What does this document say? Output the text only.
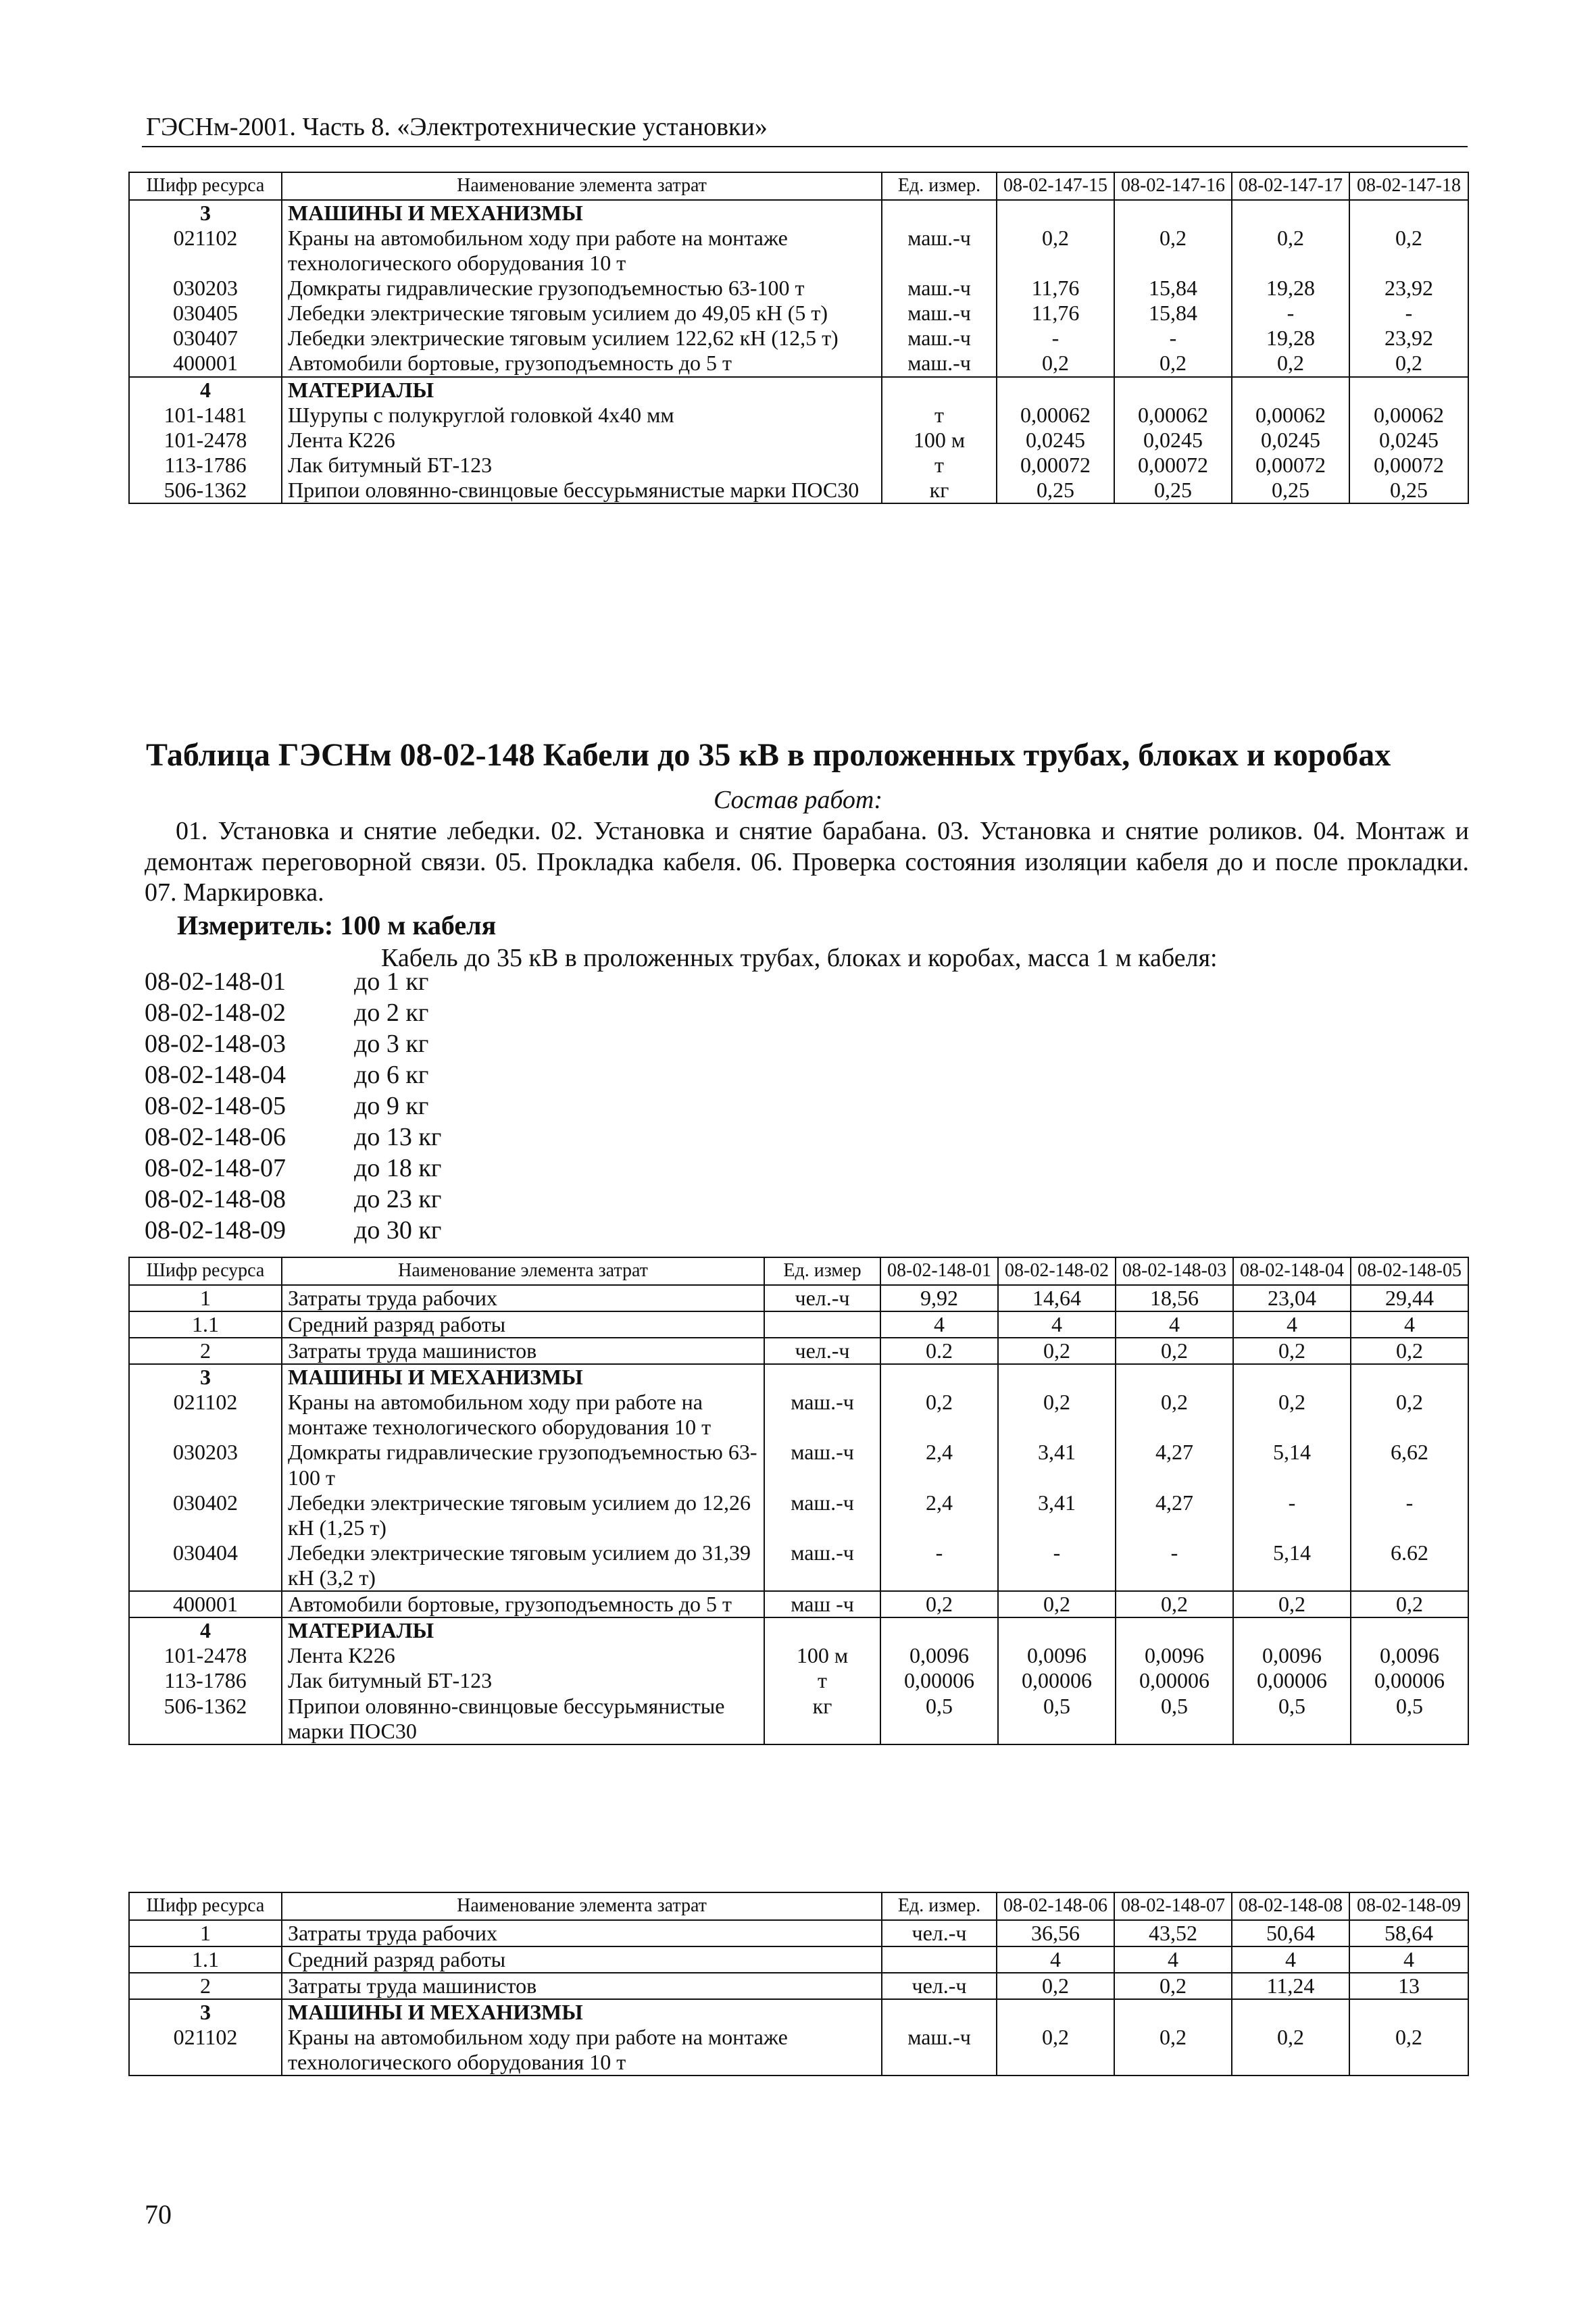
ГЭСНм-2001. Часть 8. «Электротехнические установки»
Шифр ресурса	Наименование элемента затрат	Ед. измер.	08-02-147-15	08-02-147-16	08-02-147-17	08-02-147-18
3	МАШИНЫ И МЕХАНИЗМЫ					
021102	Краны на автомобильном ходу при работе на монтаже технологического оборудования 10 т	маш.-ч	0,2	0,2	0,2	0,2
030203	Домкраты гидравлические грузоподъемностью 63-100 т	маш.-ч	11,76	15,84	19,28	23,92
030405	Лебедки электрические тяговым усилием до 49,05 кН (5 т)	маш.-ч	11,76	15,84	-	-
030407	Лебедки электрические тяговым усилием 122,62 кН (12,5 т)	маш.-ч	-	-	19,28	23,92
400001	Автомобили бортовые, грузоподъемность до 5 т	маш.-ч	0,2	0,2	0,2	0,2
4	МАТЕРИАЛЫ					
101-1481	Шурупы с полукруглой головкой 4x40 мм	т	0,00062	0,00062	0,00062	0,00062
101-2478	Лента К226	100 м	0,0245	0,0245	0,0245	0,0245
113-1786	Лак битумный БТ-123	т	0,00072	0,00072	0,00072	0,00072
506-1362	Припои оловянно-свинцовые бессурьмянистые марки ПОС30	кг	0,25	0,25	0,25	0,25
Таблица ГЭСНм 08-02-148 Кабели до 35 кВ в проложенных трубах, блоках и коробах
Состав работ:
01. Установка и снятие лебедки. 02. Установка и снятие барабана. 03. Установка и снятие роликов. 04. Монтаж и демонтаж переговорной связи. 05. Прокладка кабеля. 06. Проверка состояния изоляции кабеля до и после прокладки. 07. Маркировка.
Измеритель: 100 м кабеля
Кабель до 35 кВ в проложенных трубах, блоках и коробах, масса 1 м кабеля:
08-02-148-01	до 1 кг
08-02-148-02	до 2 кг
08-02-148-03	до 3 кг
08-02-148-04	до 6 кг
08-02-148-05	до 9 кг
08-02-148-06	до 13 кг
08-02-148-07	до 18 кг
08-02-148-08	до 23 кг
08-02-148-09	до 30 кг
Шифр ресурса	Наименование элемента затрат	Ед. измер	08-02-148-01	08-02-148-02	08-02-148-03	08-02-148-04	08-02-148-05
1	Затраты труда рабочих	чел.-ч	9,92	14,64	18,56	23,04	29,44
1.1	Средний разряд работы		4	4	4	4	4
2	Затраты труда машинистов	чел.-ч	0.2	0,2	0,2	0,2	0,2
3	МАШИНЫ И МЕХАНИЗМЫ						
021102	Краны на автомобильном ходу при работе на монтаже технологического оборудования 10 т	маш.-ч	0,2	0,2	0,2	0,2	0,2
030203	Домкраты гидравлические грузоподъемностью 63-100 т	маш.-ч	2,4	3,41	4,27	5,14	6,62
030402	Лебедки электрические тяговым усилием до 12,26 кН (1,25 т)	маш.-ч	2,4	3,41	4,27	-	-
030404	Лебедки электрические тяговым усилием до 31,39 кН (3,2 т)	маш.-ч	-	-	-	5,14	6.62
400001	Автомобили бортовые, грузоподъемность до 5 т	маш -ч	0,2	0,2	0,2	0,2	0,2
4	МАТЕРИАЛЫ						
101-2478	Лента К226	100 м	0,0096	0,0096	0,0096	0,0096	0,0096
113-1786	Лак битумный БТ-123	т	0,00006	0,00006	0,00006	0,00006	0,00006
506-1362	Припои оловянно-свинцовые бессурьмянистые марки ПОС30	кг	0,5	0,5	0,5	0,5	0,5
Шифр ресурса	Наименование элемента затрат	Ед. измер.	08-02-148-06	08-02-148-07	08-02-148-08	08-02-148-09
1	Затраты труда рабочих	чел.-ч	36,56	43,52	50,64	58,64
1.1	Средний разряд работы		4	4	4	4
2	Затраты труда машинистов	чел.-ч	0,2	0,2	11,24	13
3	МАШИНЫ И МЕХАНИЗМЫ					
021102	Краны на автомобильном ходу при работе на монтаже технологического оборудования 10 т	маш.-ч	0,2	0,2	0,2	0,2
70
